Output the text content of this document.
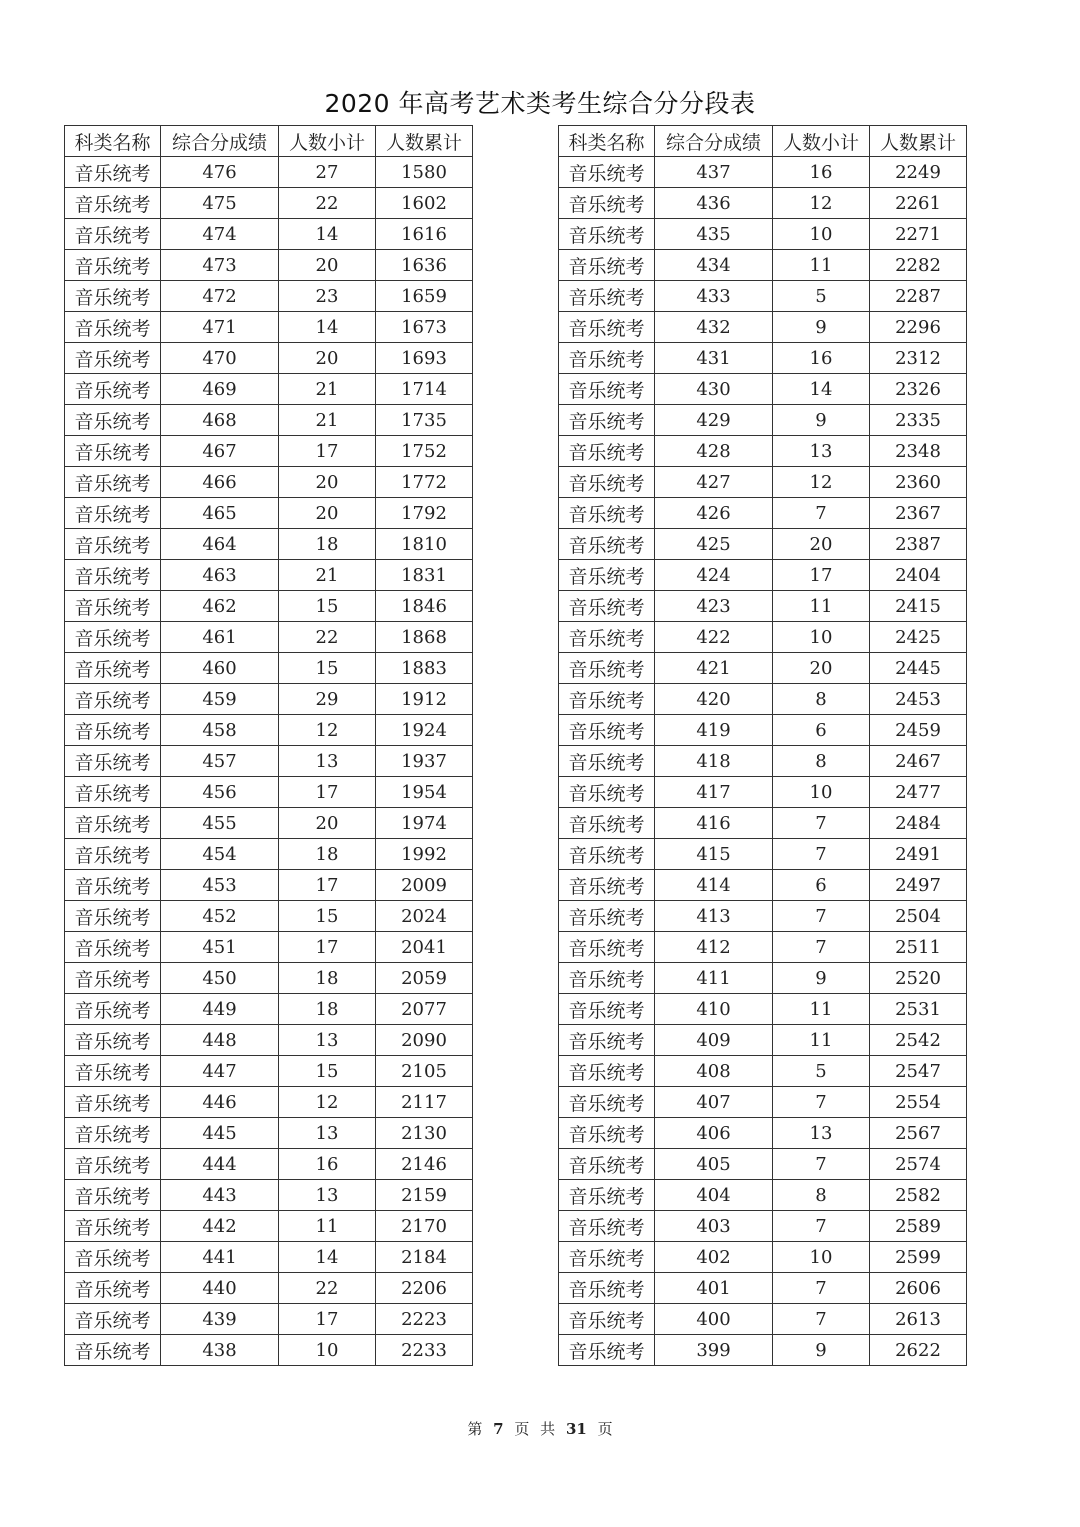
2020 年高考艺术类考生综合分分段表
科类名称	综合分成绩	人数小计	人数累计
音乐统考	476	27	1580
音乐统考	475	22	1602
音乐统考	474	14	1616
音乐统考	473	20	1636
音乐统考	472	23	1659
音乐统考	471	14	1673
音乐统考	470	20	1693
音乐统考	469	21	1714
音乐统考	468	21	1735
音乐统考	467	17	1752
音乐统考	466	20	1772
音乐统考	465	20	1792
音乐统考	464	18	1810
音乐统考	463	21	1831
音乐统考	462	15	1846
音乐统考	461	22	1868
音乐统考	460	15	1883
音乐统考	459	29	1912
音乐统考	458	12	1924
音乐统考	457	13	1937
音乐统考	456	17	1954
音乐统考	455	20	1974
音乐统考	454	18	1992
音乐统考	453	17	2009
音乐统考	452	15	2024
音乐统考	451	17	2041
音乐统考	450	18	2059
音乐统考	449	18	2077
音乐统考	448	13	2090
音乐统考	447	15	2105
音乐统考	446	12	2117
音乐统考	445	13	2130
音乐统考	444	16	2146
音乐统考	443	13	2159
音乐统考	442	11	2170
音乐统考	441	14	2184
音乐统考	440	22	2206
音乐统考	439	17	2223
音乐统考	438	10	2233
科类名称	综合分成绩	人数小计	人数累计
音乐统考	437	16	2249
音乐统考	436	12	2261
音乐统考	435	10	2271
音乐统考	434	11	2282
音乐统考	433	5	2287
音乐统考	432	9	2296
音乐统考	431	16	2312
音乐统考	430	14	2326
音乐统考	429	9	2335
音乐统考	428	13	2348
音乐统考	427	12	2360
音乐统考	426	7	2367
音乐统考	425	20	2387
音乐统考	424	17	2404
音乐统考	423	11	2415
音乐统考	422	10	2425
音乐统考	421	20	2445
音乐统考	420	8	2453
音乐统考	419	6	2459
音乐统考	418	8	2467
音乐统考	417	10	2477
音乐统考	416	7	2484
音乐统考	415	7	2491
音乐统考	414	6	2497
音乐统考	413	7	2504
音乐统考	412	7	2511
音乐统考	411	9	2520
音乐统考	410	11	2531
音乐统考	409	11	2542
音乐统考	408	5	2547
音乐统考	407	7	2554
音乐统考	406	13	2567
音乐统考	405	7	2574
音乐统考	404	8	2582
音乐统考	403	7	2589
音乐统考	402	10	2599
音乐统考	401	7	2606
音乐统考	400	7	2613
音乐统考	399	9	2622
第 7 页 共 31 页
